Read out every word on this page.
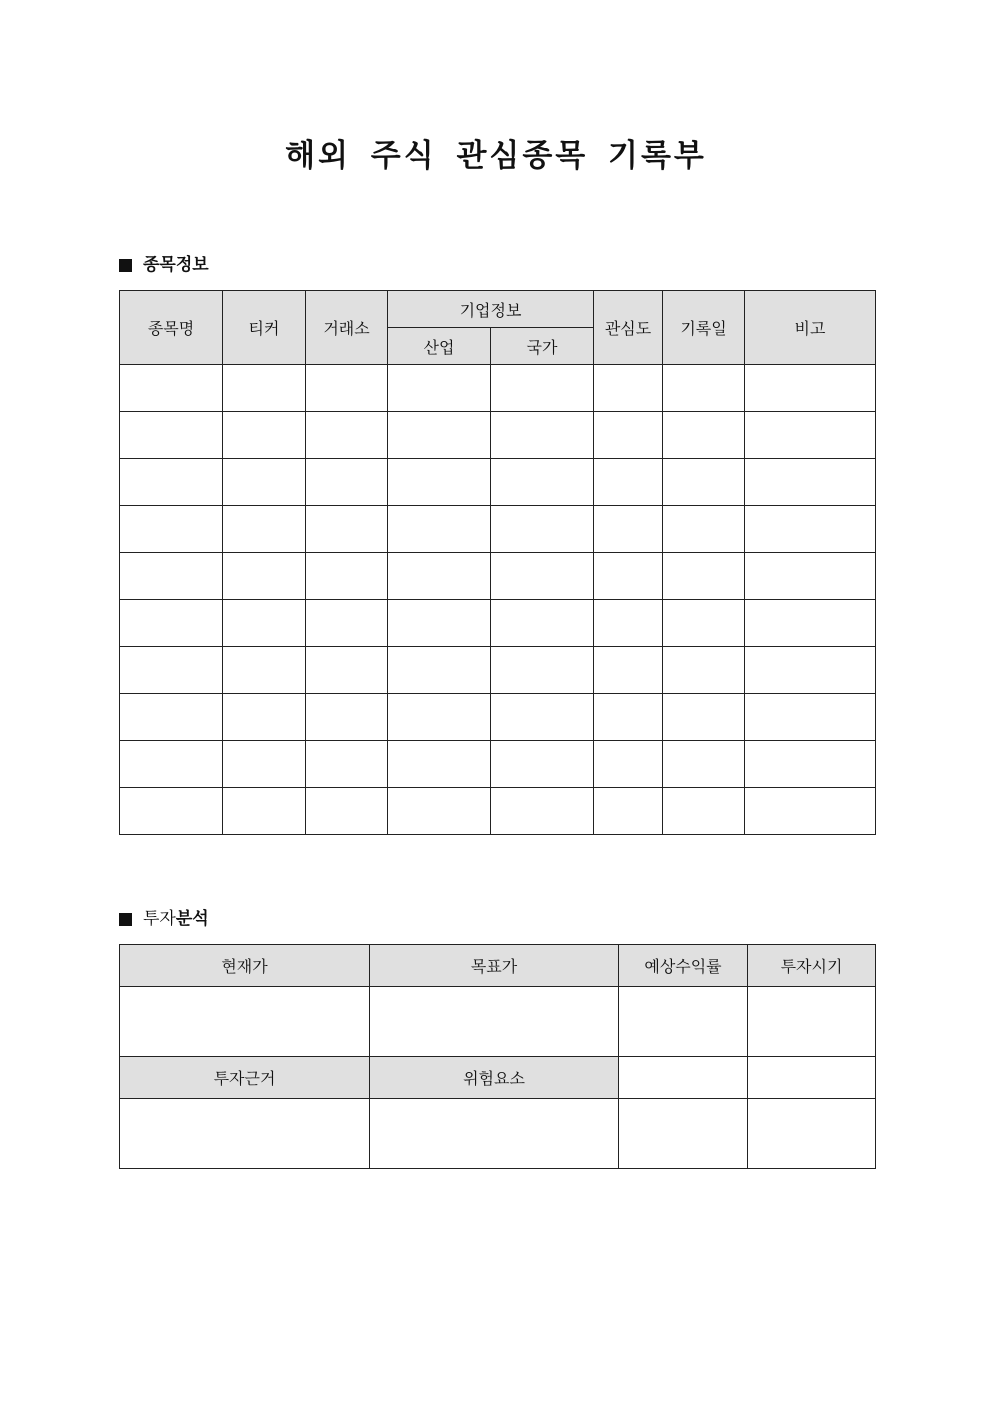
해외 주식 관심종목 기록부
종목정보
종목명	티커	거래소	기업정보		관심도	기록일	비고
			산업	국가			

투자 분석
현재가	목표가	예상수익률	투자시기

투자근거	위험요소		
